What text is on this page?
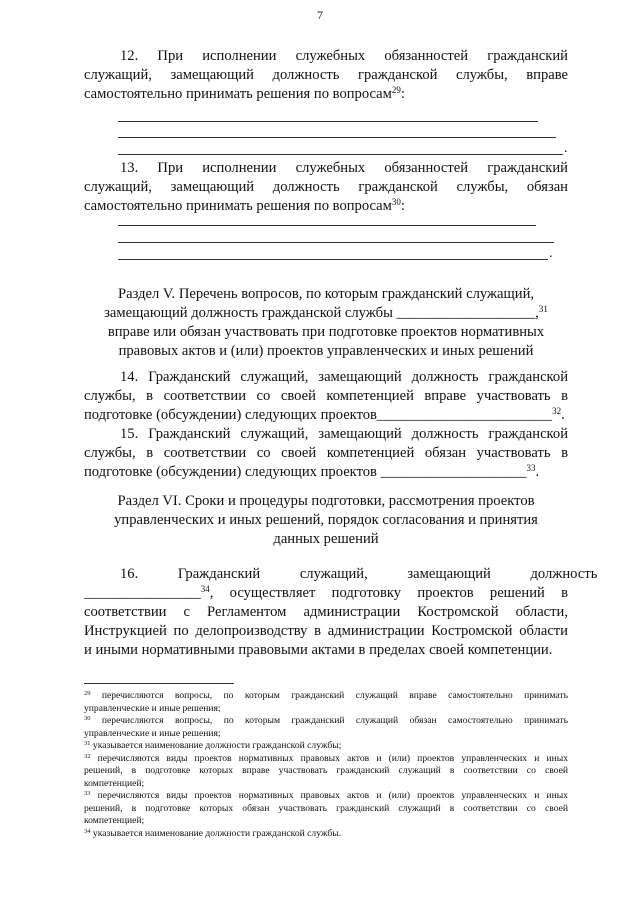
7
12. При исполнении служебных обязанностей гражданский
служащий, замещающий должность гражданской службы, вправе
самостоятельно принимать решения по вопросам$^{29}$:
.
13. При исполнении служебных обязанностей гражданский
служащий, замещающий должность гражданской службы, обязан
самостоятельно принимать решения по вопросам$^{30}$:
.
Раздел V. Перечень вопросов, по которым гражданский служащий,
замещающий должность гражданской службы ___________________,$^{31}$
вправе или обязан участвовать при подготовке проектов нормативных
правовых актов и (или) проектов управленческих и иных решений
14. Гражданский служащий, замещающий должность гражданской
службы, в соответствии со своей компетенцией вправе участвовать в
подготовке (обсуждении) следующих проектов________________________$^{32}$.
15. Гражданский служащий, замещающий должность гражданской
службы, в соответствии со своей компетенцией обязан участвовать в
подготовке (обсуждении) следующих проектов ____________________$^{33}$.
Раздел VI. Сроки и процедуры подготовки, рассмотрения проектов
управленческих и иных решений, порядок согласования и принятия
данных решений
16. Гражданский служащий, замещающий должность
________________$^{34}$, осуществляет подготовку проектов решений в
соответствии с Регламентом администрации Костромской области,
Инструкцией по делопроизводству в администрации Костромской области
и иными нормативными правовыми актами в пределах своей компетенции.
$^{29}$ перечисляются вопросы, по которым гражданский служащий вправе самостоятельно принимать
управленческие и иные решения;
$^{30}$ перечисляются вопросы, по которым гражданский служащий обязан самостоятельно принимать
управленческие и иные решения;
$^{31}$ указывается наименование должности гражданской службы;
$^{32}$ перечисляются виды проектов нормативных правовых актов и (или) проектов управленческих и иных
решений, в подготовке которых вправе участвовать гражданский служащий в соответствии со своей
компетенцией;
$^{33}$ перечисляются виды проектов нормативных правовых актов и (или) проектов управленческих и иных
решений, в подготовке которых обязан участвовать гражданский служащий в соответствии со своей
компетенцией;
$^{34}$ указывается наименование должности гражданской службы.
